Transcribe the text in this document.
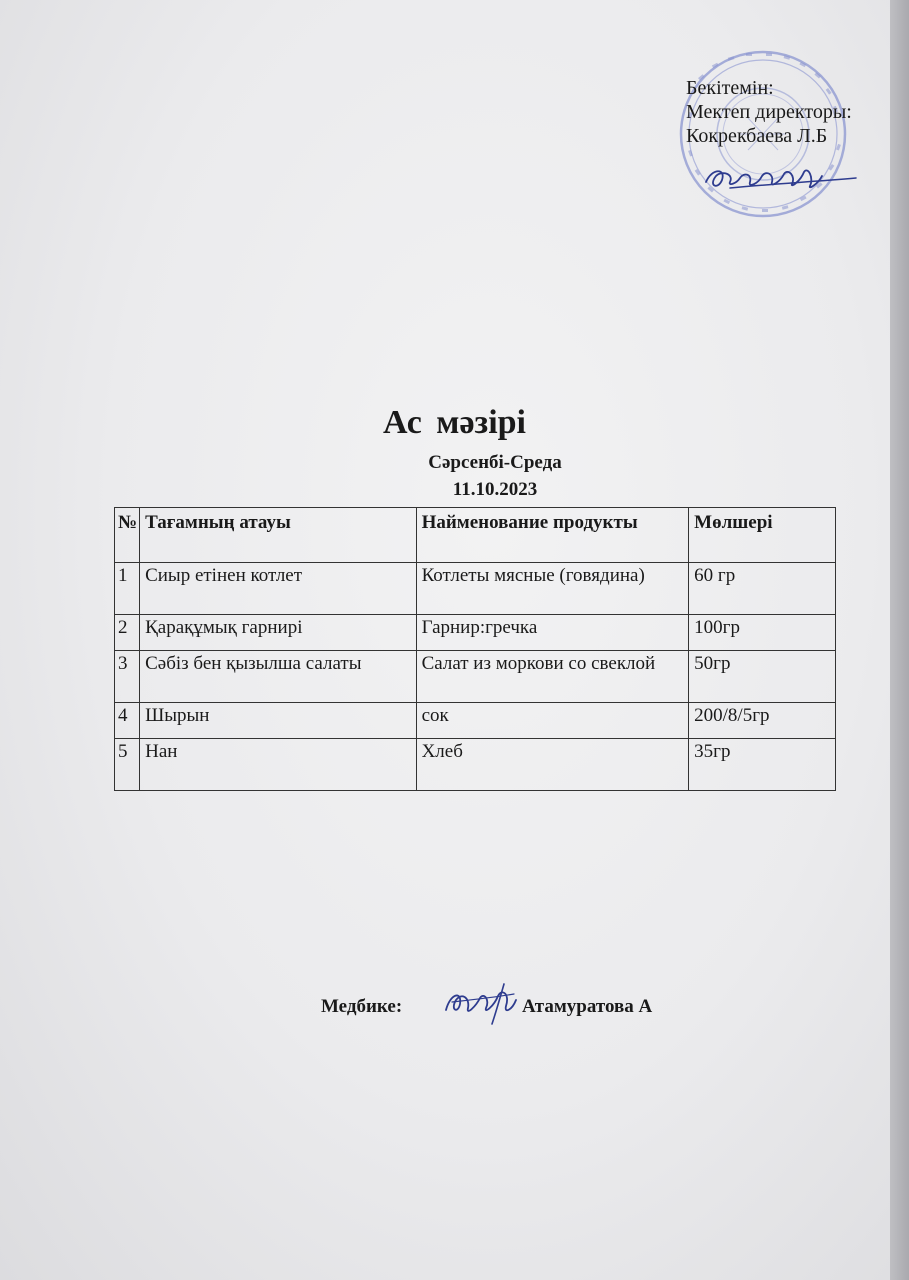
Бекітемін:
Мектеп директоры:
Кокрекбаева Л.Б
Ас мәзірі
Сәрсенбі-Среда
11.10.2023
№	Тағамның атауы	Найменование продукты	Мөлшері
1	Сиыр етінен котлет	Котлеты мясные (говядина)	60 гр
2	Қарақұмық гарнирі	Гарнир:гречка	100гр
3	Сәбіз бен қызылша салаты	Салат из моркови со свеклой	50гр
4	Шырын	сок	200/8/5гр
5	Нан	Хлеб	35гр
Медбике:	Атамуратова А
